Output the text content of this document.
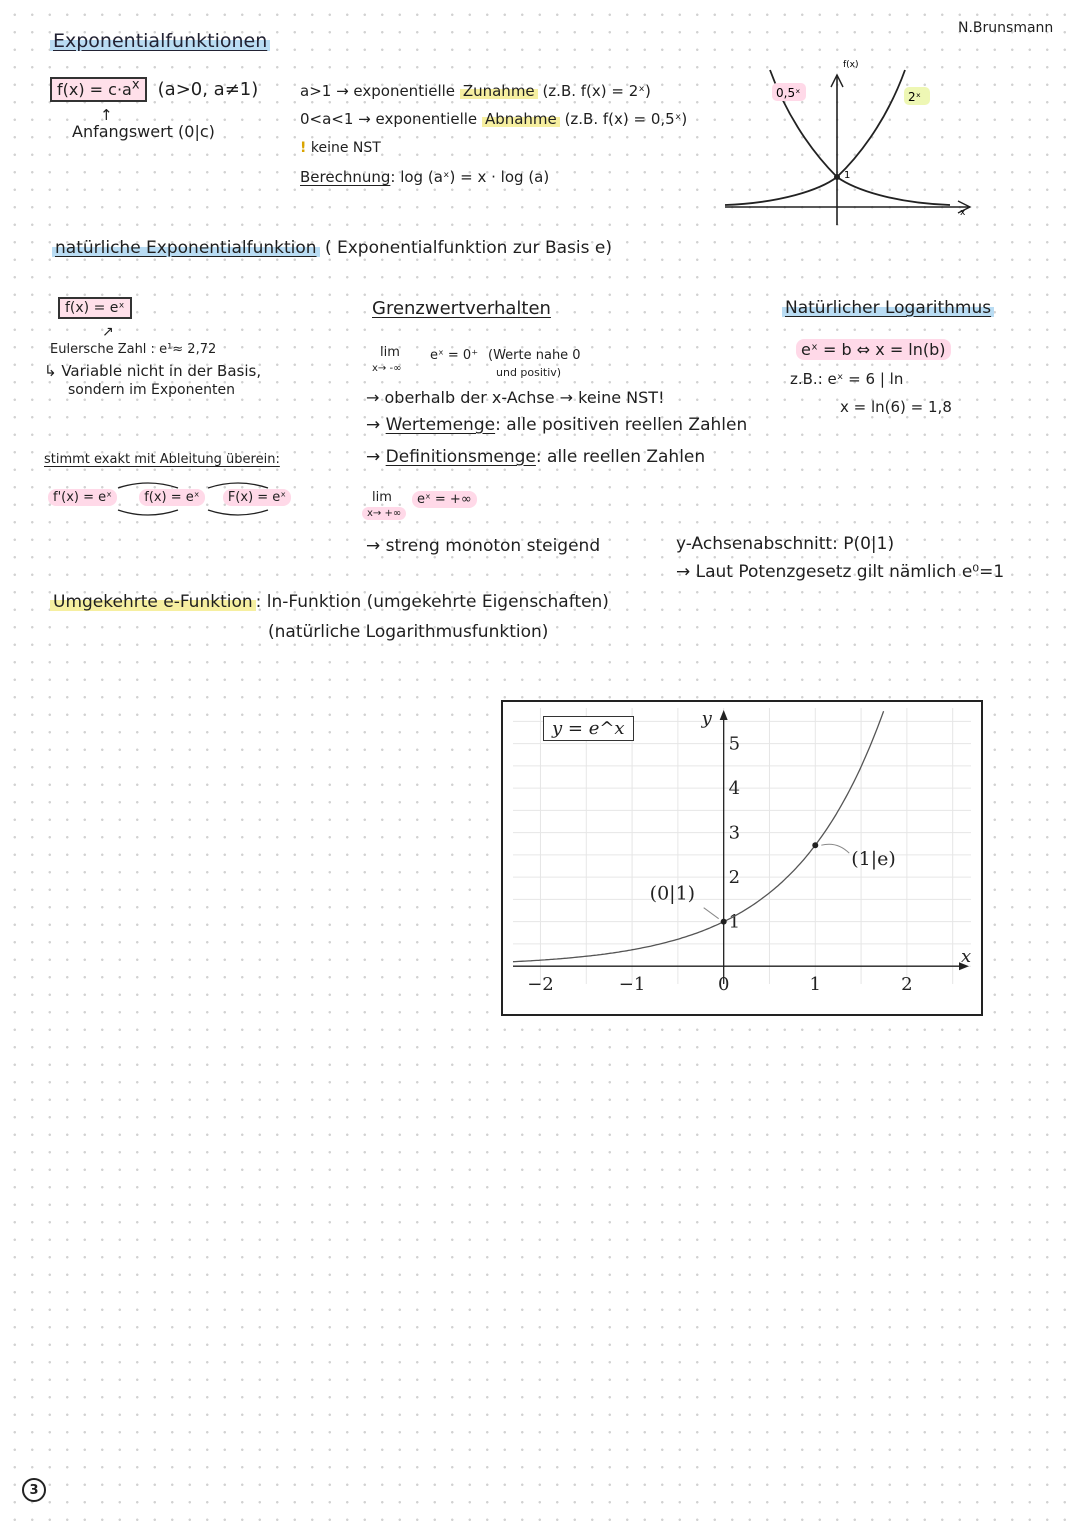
N.Brunsmann
Exponentialfunktionen
$f(x) = c\cdot a^x$ (a>0, a≠1)
↑
Anfangswert (0|c)
a>1 → exponentielle Zunahme (z.B. f(x) = 2ˣ)
0<a<1 → exponentielle Abnahme (z.B. f(x) = 0,5ˣ)
! keine NST
Berechnung: log (aˣ) = x · log (a)
f(x)
x
0,5ˣ	2ˣ
1
natürliche Exponentialfunktion ( Exponentialfunktion zur Basis e)
f(x) = eˣ
↗
Eulersche Zahl : e¹≈ 2,72
↳ Variable nicht in der Basis,
sondern im Exponenten
stimmt exakt mit Ableitung überein:
f'(x) = eˣ f(x) = eˣ F(x) = eˣ
Grenzwertverhalten
lim
x→ -∞
eˣ = 0⁺ (Werte nahe 0
und positiv)
→ oberhalb der x-Achse → keine NST!
→ Wertemenge: alle positiven reellen Zahlen
→ Definitionsmenge: alle reellen Zahlen
lim
x→ +∞
eˣ = +∞
→ streng monoton steigend
Natürlicher Logarithmus
eˣ = b ⇔ x = ln(b)
z.B.: eˣ = 6 | ln
x = ln(6) = 1,8
y-Achsenabschnitt: P(0|1)
→ Laut Potenzgesetz gilt nämlich e⁰=1
Umgekehrte e-Funktion : ln-Funktion (umgekehrte Eigenschaften)
(natürliche Logarithmusfunktion)
x
y
−2	−1	0	1	2
1
2
3
4
5
(0|1)
(1|e)
y = e^x
3
